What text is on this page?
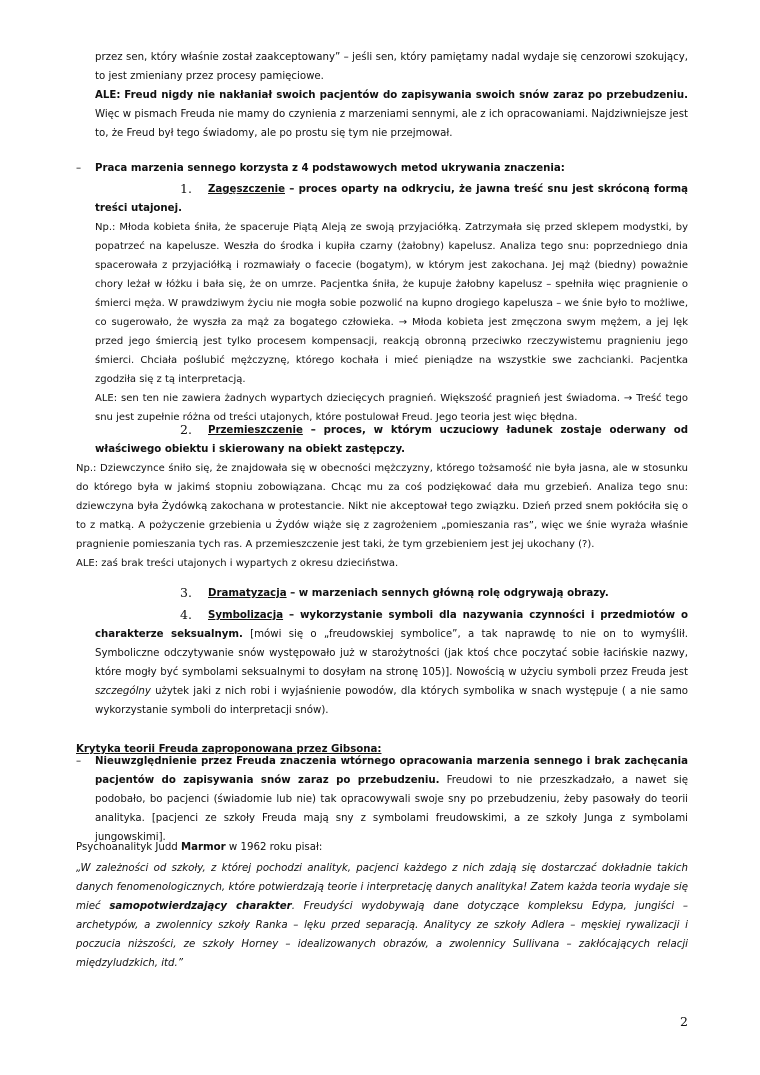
przez sen, który właśnie został zaakceptowany” – jeśli sen, który pamiętamy nadal wydaje się cenzorowi szokujący, to jest zmieniany przez procesy pamięciowe.
ALE: Freud nigdy nie nakłaniał swoich pacjentów do zapisywania swoich snów zaraz po przebudzeniu. Więc w pismach Freuda nie mamy do czynienia z marzeniami sennymi, ale z ich opracowaniami. Najdziwniejsze jest to, że Freud był tego świadomy, ale po prostu się tym nie przejmował.

–	Praca marzenia sennego korzysta z 4 podstawowych metod ukrywania znaczenia:

1.	Zagęszczenie – proces oparty na odkryciu, że jawna treść snu jest skróconą formą treści utajonej.

Np.: Młoda kobieta śniła, że spaceruje Piątą Aleją ze swoją przyjaciółką. Zatrzymała się przed sklepem modystki, by popatrzeć na kapelusze. Weszła do środka i kupiła czarny (żałobny) kapelusz. Analiza tego snu: poprzedniego dnia spacerowała z przyjaciółką i rozmawiały o facecie (bogatym), w którym jest zakochana. Jej mąż (biedny) poważnie chory leżał w łóżku i bała się, że on umrze. Pacjentka śniła, że kupuje żałobny kapelusz – spełniła więc pragnienie o śmierci męża. W prawdziwym życiu nie mogła sobie pozwolić na kupno drogiego kapelusza – we śnie było to możliwe, co sugerowało, że wyszła za mąż za bogatego człowieka. → Młoda kobieta jest zmęczona swym mężem, a jej lęk przed jego śmiercią jest tylko procesem kompensacji, reakcją obronną przeciwko rzeczywistemu pragnieniu jego śmierci. Chciała poślubić mężczyznę, którego kochała i mieć pieniądze na wszystkie swe zachcianki. Pacjentka zgodziła się z tą interpretacją.
ALE: sen ten nie zawiera żadnych wypartych dziecięcych pragnień. Większość pragnień jest świadoma. → Treść tego snu jest zupełnie różna od treści utajonych, które postulował Freud. Jego teoria jest więc błędna.

2.	Przemieszczenie – proces, w którym uczuciowy ładunek zostaje oderwany od właściwego obiektu i skierowany na obiekt zastępczy.

Np.: Dziewczynce śniło się, że znajdowała się w obecności mężczyzny, którego tożsamość nie była jasna, ale w stosunku do którego była w jakimś stopniu zobowiązana. Chcąc mu za coś podziękować dała mu grzebień. Analiza tego snu: dziewczyna była Żydówką zakochana w protestancie. Nikt nie akceptował tego związku. Dzień przed snem pokłóciła się o to z matką. A pożyczenie grzebienia u Żydów wiąże się z zagrożeniem „pomieszania ras”, więc we śnie wyraża właśnie pragnienie pomieszania tych ras. A przemieszczenie jest taki, że tym grzebieniem jest jej ukochany (?).
ALE: zaś brak treści utajonych i wypartych z okresu dzieciństwa.

3.	Dramatyzacja – w marzeniach sennych główną rolę odgrywają obrazy.

4.	Symbolizacja – wykorzystanie symboli dla nazywania czynności i przedmiotów o charakterze seksualnym. [mówi się o „freudowskiej symbolice”, a tak naprawdę to nie on to wymyślił. Symboliczne odczytywanie snów występowało już w starożytności (jak ktoś chce poczytać sobie łacińskie nazwy, które mogły być symbolami seksualnymi to dosyłam na stronę 105)]. Nowością w użyciu symboli przez Freuda jest szczególny użytek jaki z nich robi i wyjaśnienie powodów, dla których symbolika w snach występuje ( a nie samo wykorzystanie symboli do interpretacji snów).

Krytyka teorii Freuda zaproponowana przez Gibsona:

–	Nieuwzględnienie przez Freuda znaczenia wtórnego opracowania marzenia sennego i brak zachęcania pacjentów do zapisywania snów zaraz po przebudzeniu. Freudowi to nie przeszkadzało, a nawet się podobało, bo pacjenci (świadomie lub nie) tak opracowywali swoje sny po przebudzeniu, żeby pasowały do teorii analityka. [pacjenci ze szkoły Freuda mają sny z symbolami freudowskimi, a ze szkoły Junga z symbolami jungowskimi].

Psychoanalityk Judd Marmor w 1962 roku pisał:

„W zależności od szkoły, z której pochodzi analityk, pacjenci każdego z nich zdają się dostarczać dokładnie takich danych fenomenologicznych, które potwierdzają teorie i interpretację danych analityka! Zatem każda teoria wydaje się mieć samopotwierdzający charakter. Freudyści wydobywają dane dotyczące kompleksu Edypa, jungiści – archetypów, a zwolennicy szkoły Ranka – lęku przed separacją. Analitycy ze szkoły Adlera – męskiej rywalizacji i poczucia niższości, ze szkoły Horney – idealizowanych obrazów, a zwolennicy Sullivana – zakłócających relacji międzyludzkich, itd.”

2
